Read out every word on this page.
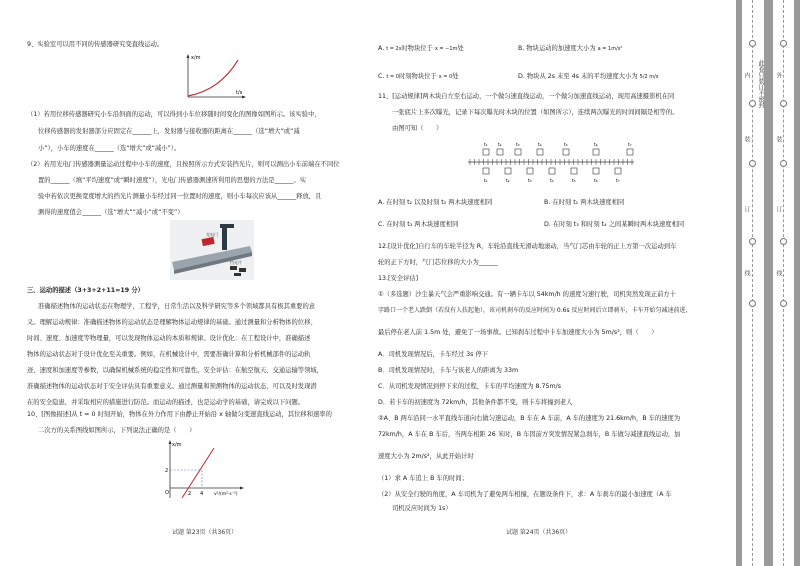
9、实验室可以用不同的传感器研究变直线运动。
x/m
t/s
（1）若用位移传感器研究小车沿斜面的运动，可以得到小车位移随时间变化的图像如图所示。该实验中，
位移传感器的发射器部分应固定在______上，发射器与接收器的距离在______（选“增大”或“减
小”），小车的速度在______（选“增大”或“减小”）。
（2）若用光电门传感器测量运动过程中小车的速度，且按照所示方式安装挡光片，则可以测出小车前端在不同位
置的______（填“平均速度”或“瞬时速度”），光电门传感器测速所利用的思想的方法是______。实
验中若依次更换宽度增大的挡光片测量小车经过同一位置时的速度，则小车每次应该从______释放，且
测得的速度值会______（选“增大”“减小”或“不变”）
光电门
挡光片
三、运动的描述（3+3+2+11=19 分）
准确描述物体的运动状态在物理学，工程学，日常生活以及科学研究等多个领域都具有极其重要的意
义。理解运动规律：准确描述物体的运动状态是理解物体运动规律的基础。通过测量和分析物体的位移、
时间、速度、加速度等物理量，可以发现物体运动的本质和规律。设计优化：在工程设计中，准确描述
物体的运动状态对于设计优化至关重要。例如，在机械设计中，需要准确计算和分析机械部件的运动轨
迹、速度和加速度等参数，以确保机械系统的稳定性和可靠性。安全评估：在航空航天、交通运输等领域，
准确描述物体的运动状态对于安全评估具有重要意义。通过测量和预测物体的运动状态，可以及时发现潜
在的安全隐患，并采取相应的措施进行防范。而运动的描述，也是运动学的基础，请完成以下问题。
10、[图像描述]从 t = 0 时刻开始，物体在外力作用下由静止开始沿 x 轴做匀变速直线运动，其位移和速率的
二次方的关系图线如图所示，下列说法正确的是（　　）
x/m
2
2 4
O	v²/(m²·s⁻²)
试题 第23页（共36页）
A. t = 2s时物块位于 x = −1m处	B. 物块运动的加速度大小为 a = 1m/s²
C. t = 0时刻物块位于 x = 0处	D. 物块从 2s 末至 4s 末的平均速度大小为 5/2 m/s
11、[运动规律]两木块自左至右运动，一个做匀速直线运动，一个做匀加速直线运动，现用高速摄影机在同
一张底片上多次曝光，记录下每次曝光时木块的位置（如图所示），连续两次曝光的时间间隔是相等的。
由图可知（　　）
t₁ t₂	t₃	t₄	t₅	t₆	t₇
t₁	t₂	t₃	t₄	t₅	t₆	t₇
A. 在时刻 t₂ 以及时刻 t₅ 两木块速度相同	B. 在时刻 t₁ 两木块速度相同
C. 在时刻 t₃ 两木块速度相同	D. 在时刻 t₃ 和时刻 t₄ 之间某瞬时两木块速度相同
12.[设计优化]自行车的车轮半径为 R，车轮沿直线无滑动地滚动，当气门芯由车轮的正上方第一次运动到车
轮的正下方时，气门芯位移的大小为______
13.[安全评估]
①（多选题）沙尘暴天气会严重影响交通。有一辆卡车以 54km/h 的速度匀速行驶，司机突然发现正前方十
字路口一个老人跌倒（若没有人扶起他），该司机刹车的反应时间为 0.6s 反应时间后立即刹车，卡车开始匀减速前进，
最后停在老人前 1.5m 处，避免了一场事故。已知刹车过程中卡车加速度大小为 5m/s²，则（　　）
A．司机发现情况后，卡车经过 3s 停下
B．司机发现情况时，卡车与该老人的距离为 33m
C．从司机发现情况到停下来的过程，卡车的平均速度为 8.75m/s
D．若卡车的初速度为 72km/h，其他条件都不变，则卡车将撞到老人
②A、B 两车沿同一水平直线车道向右做匀速运动，B 车在 A 车前，A 车的速度为 21.6km/h，B 车的速度为
72km/h，A 车在 B 车后，当两车相距 26 米时，B 车因前方突发情况紧急刹车，B 车做匀减速直线运动，加
速度大小为 2m/s²，从此开始计时
（1）求 A 车追上 B 车的时间；
（2）从安全行驶的角度，A 车司机为了避免两车相撞，在题设条件下，求：A 车刹车的最小加速度（A 车
司机反应时间为 1s）
试题 第24页（共36页）
内
装
订
线
外
装
订
线
此卷只装订不密封
